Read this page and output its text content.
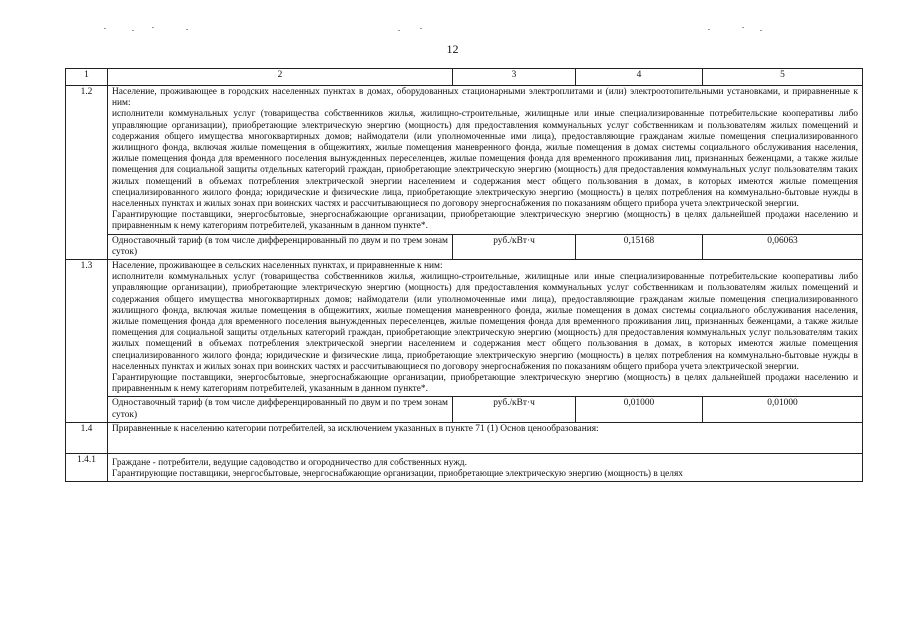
12
1	2	3	4	5
1.2	Население, проживающее в городских населенных пунктах в домах, оборудованных стационарными электроплитами и (или) электроотопительными установками, и приравненные к ним:
исполнители коммунальных услуг (товарищества собственников жилья, жилищно-строительные, жилищные или иные специализированные потребительские кооперативы либо управляющие организации), приобретающие электрическую энергию (мощность) для предоставления коммунальных услуг собственникам и пользователям жилых помещений и содержания общего имущества многоквартирных домов; наймодатели (или уполномоченные ими лица), предоставляющие гражданам жилые помещения специализированного жилищного фонда, включая жилые помещения в общежитиях, жилые помещения маневренного фонда, жилые помещения в домах системы социального обслуживания населения, жилые помещения фонда для временного поселения вынужденных переселенцев, жилые помещения фонда для временного проживания лиц, признанных беженцами, а также жилые помещения для социальной защиты отдельных категорий граждан, приобретающие электрическую энергию (мощность) для предоставления коммунальных услуг пользователям таких жилых помещений в объемах потребления электрической энергии населением и содержания мест общего пользования в домах, в которых имеются жилые помещения специализированного жилого фонда; юридические и физические лица, приобретающие электрическую энергию (мощность) в целях потребления на коммунально-бытовые нужды в населенных пунктах и жилых зонах при воинских частях и рассчитывающиеся по договору энергоснабжения по показаниям общего прибора учета электрической энергии.
Гарантирующие поставщики, энергосбытовые, энергоснабжающие организации, приобретающие электрическую энергию (мощность) в целях дальнейшей продажи населению и приравненным к нему категориям потребителей, указанным в данном пункте*.			

	Одноставочный тариф (в том числе дифференцированный по двум и по трем зонам суток)	руб./кВт·ч	0,15168	0,06063
1.3	Население, проживающее в сельских населенных пунктах, и приравненные к ним:
исполнители коммунальных услуг (товарищества собственников жилья, жилищно-строительные, жилищные или иные специализированные потребительские кооперативы либо управляющие организации), приобретающие электрическую энергию (мощность) для предоставления коммунальных услуг собственникам и пользователям жилых помещений и содержания общего имущества многоквартирных домов; наймодатели (или уполномоченные ими лица), предоставляющие гражданам жилые помещения специализированного жилищного фонда, включая жилые помещения в общежитиях, жилые помещения маневренного фонда, жилые помещения в домах системы социального обслуживания населения, жилые помещения фонда для временного поселения вынужденных переселенцев, жилые помещения фонда для временного проживания лиц, признанных беженцами, а также жилые помещения для социальной защиты отдельных категорий граждан, приобретающие электрическую энергию (мощность) для предоставления коммунальных услуг пользователям таких жилых помещений в объемах потребления электрической энергии населением и содержания мест общего пользования в домах, в которых имеются жилые помещения специализированного жилого фонда; юридические и физические лица, приобретающие электрическую энергию (мощность) в целях потребления на коммунально-бытовые нужды в населенных пунктах и жилых зонах при воинских частях и рассчитывающиеся по договору энергоснабжения по показаниям общего прибора учета электрической энергии.
Гарантирующие поставщики, энергосбытовые, энергоснабжающие организации, приобретающие электрическую энергию (мощность) в целях дальнейшей продажи населению и приравненным к нему категориям потребителей, указанным в данном пункте*.			

	Одноставочный тариф (в том числе дифференцированный по двум и по трем зонам суток)	руб./кВт·ч	0,01000	0,01000
1.4	Приравненные к населению категории потребителей, за исключением указанных в пункте 71 (1) Основ ценообразования:			
1.4.1	Граждане - потребители, ведущие садоводство и огородничество для собственных нужд.
Гарантирующие поставщики, энергосбытовые, энергоснабжающие организации, приобретающие электрическую энергию (мощность) в целях			
